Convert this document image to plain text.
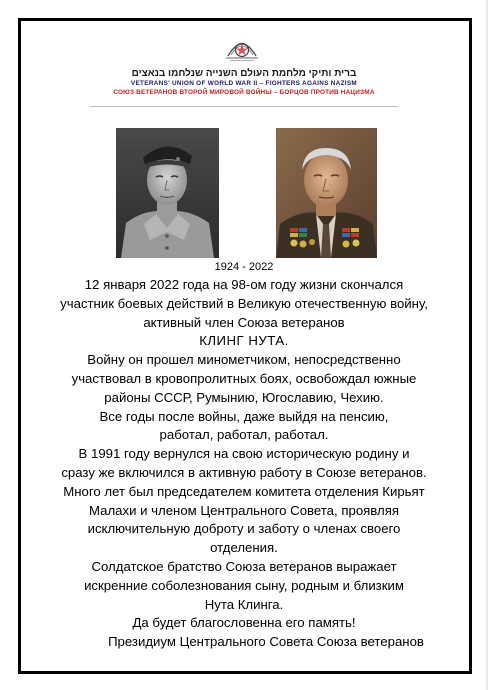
ברית ותיקי מלחמת העולם השנייה שנלחמו בנאצים
VETERANS' UNION OF WORLD WAR II – FIGHTERS AGAINS NAZISM
СОЮЗ ВЕТЕРАНОВ ВТОРОЙ МИРОВОЙ ВОЙНЫ – БОРЦОВ ПРОТИВ НАЦИЗМА
1924 - 2022
12 января 2022 года на 98-ом году жизни скончался
участник боевых действий в Великую отечественную войну,
активный член Союза ветеранов
КЛИНГ НУТА.
Войну он прошел минометчиком, непосредственно
участвовал в кровопролитных боях, освобождал южные
районы СССР, Румынию, Югославию, Чехию.
Все годы после войны, даже выйдя на пенсию,
работал, работал, работал.
В 1991 году вернулся на свою историческую родину и
сразу же включился в активную работу в Союзе ветеранов.
Много лет был председателем комитета отделения Кирьят
Малахи и членом Центрального Совета, проявляя
исключительную доброту и заботу о членах своего
отделения.
Солдатское братство Союза ветеранов выражает
искренние соболезнования сыну, родным и близким
Нута Клинга.
Да будет благословенна его память!
Президиум Центрального Совета Союза ветеранов
